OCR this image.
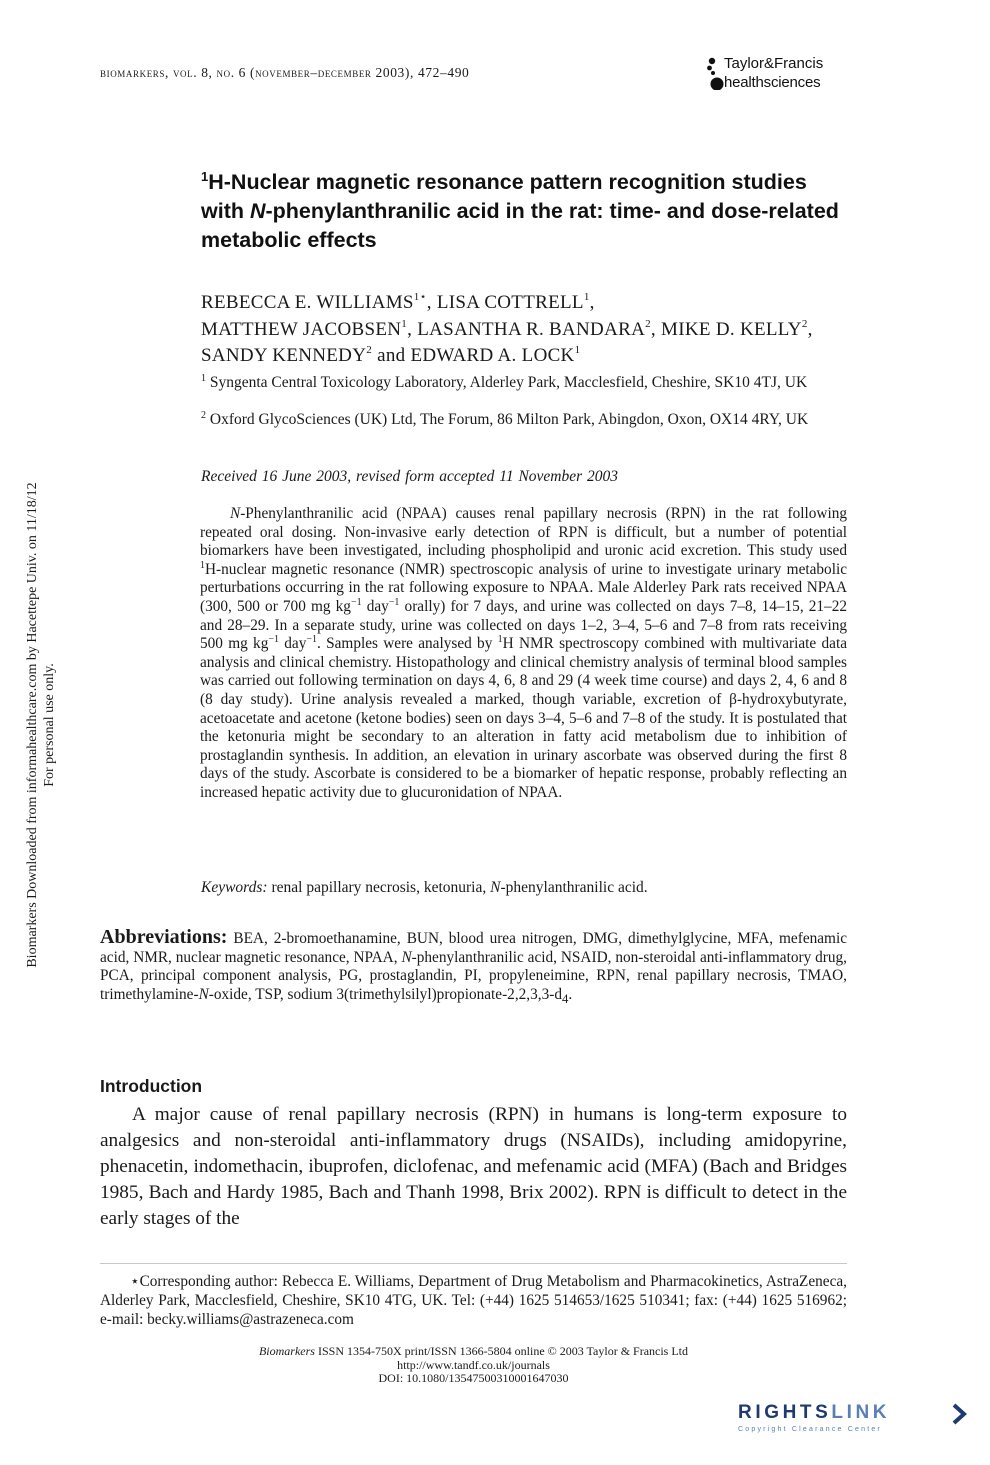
biomarkers, vol. 8, no. 6 (november–december 2003), 472–490
Taylor&Francis
healthsciences
Biomarkers Downloaded from informahealthcare.com by Hacettepe Univ. on 11/18/12 For personal use only.
$^1$H-Nuclear magnetic resonance pattern recognition studies with N-phenylanthranilic acid in the rat: time- and dose-related metabolic effects
REBECCA E. $WILLIAMS^{1⋆}$, LISA COTTRELL$^1$,
MATTHEW JACOBSEN$^1$, LASANTHA R. BANDARA$^2$, MIKE D. KELLY$^2$, SANDY KENNEDY$^2$ and EDWARD A. LOCK$^1$
$^1$ Syngenta Central Toxicology Laboratory, Alderley Park, Macclesfield, Cheshire, SK10 4TJ, UK
$^2$ Oxford GlycoSciences (UK) Ltd, The Forum, 86 Milton Park, Abingdon, Oxon, OX14 4RY, UK
Received 16 June 2003, revised form accepted 11 November 2003
N-Phenylanthranilic acid (NPAA) causes renal papillary necrosis (RPN) in the rat following repeated oral dosing. Non-invasive early detection of RPN is difficult, but a number of potential biomarkers have been investigated, including phospholipid and uronic acid excretion. This study used $^1$H-nuclear magnetic resonance (NMR) spectroscopic analysis of urine to investigate urinary metabolic perturbations occurring in the rat following exposure to NPAA. Male Alderley Park rats received NPAA (300, 500 or 700 mg $kg^{-1}$ day$^{-1}$ orally) for 7 days, and urine was collected on days 7–8, 14–15, 21–22 and 28–29. In a separate study, urine was collected on days 1–2, 3–4, 5–6 and 7–8 from rats receiving 500 mg $kg^{-1}$ day$^{-1}$. Samples were analysed by $^1$H NMR spectroscopy combined with multivariate data analysis and clinical chemistry. Histopathology and clinical chemistry analysis of terminal blood samples was carried out following termination on days 4, 6, 8 and 29 (4 week time course) and days 2, 4, 6 and 8 (8 day study). Urine analysis revealed a marked, though variable, excretion of β-hydroxybutyrate, acetoacetate and acetone (ketone bodies) seen on days 3–4, 5–6 and 7–8 of the study. It is postulated that the ketonuria might be secondary to an alteration in fatty acid metabolism due to inhibition of prostaglandin synthesis. In addition, an elevation in urinary ascorbate was observed during the first 8 days of the study. Ascorbate is considered to be a biomarker of hepatic response, probably reflecting an increased hepatic activity due to glucuronidation of NPAA.
Keywords: renal papillary necrosis, ketonuria, N-phenylanthranilic acid.
Abbreviations: BEA, 2-bromoethanamine, BUN, blood urea nitrogen, DMG, dimethylglycine, MFA, mefenamic acid, NMR, nuclear magnetic resonance, NPAA, N-phenylanthranilic acid, NSAID, non-steroidal anti-inflammatory drug, PCA, principal component analysis, PG, prostaglandin, PI, propyleneimine, RPN, renal papillary necrosis, TMAO, trimethylamine-N-oxide, TSP, sodium $3(trimethylsilyl)propionate-2,2,3,3-d_4$.
Introduction

A major cause of renal papillary necrosis (RPN) in humans is long-term exposure to analgesics and non-steroidal anti-inflammatory drugs (NSAIDs), including amidopyrine, phenacetin, indomethacin, ibuprofen, diclofenac, and mefenamic acid (MFA) (Bach and Bridges 1985, Bach and Hardy 1985, Bach and Thanh 1998, Brix 2002). RPN is difficult to detect in the early stages of the

⋆Corresponding author: Rebecca E. Williams, Department of Drug Metabolism and Pharmacokinetics, AstraZeneca, Alderley Park, Macclesfield, Cheshire, SK10 4TG, UK. Tel: (+44) 1625 514653/1625 510341; fax: (+44) 1625 516962; e-mail: becky.williams@astrazeneca.com

Biomarkers ISSN 1354-750X print/ISSN 1366-5804 online © 2003 Taylor & Francis Ltd
http://www.tandf.co.uk/journals
DOI: 10.1080/13547500310001647030
RIGHTSLINK
Copyright Clearance Center
